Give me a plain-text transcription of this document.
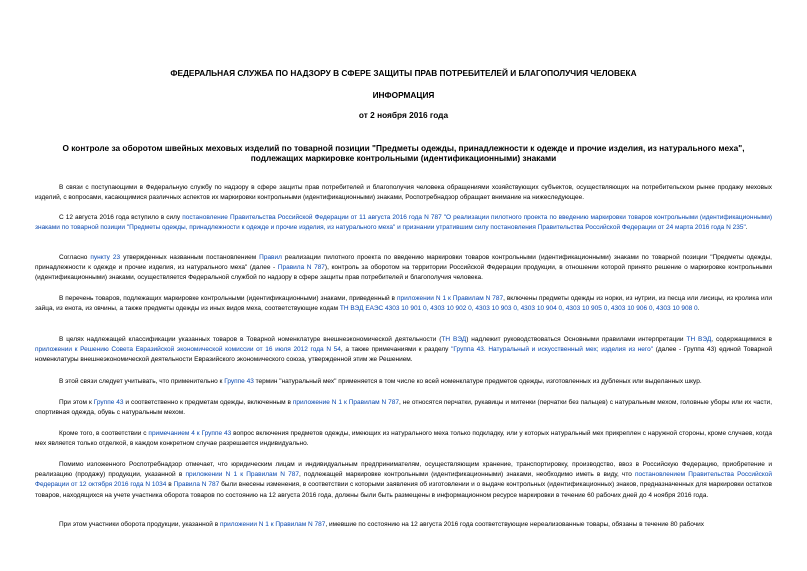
ФЕДЕРАЛЬНАЯ СЛУЖБА ПО НАДЗОРУ В СФЕРЕ ЗАЩИТЫ ПРАВ ПОТРЕБИТЕЛЕЙ И БЛАГОПОЛУЧИЯ ЧЕЛОВЕКА
ИНФОРМАЦИЯ
от 2 ноября 2016 года
О контроле за оборотом швейных меховых изделий по товарной позиции "Предметы одежды, принадлежности к одежде и прочие изделия, из натурального меха",
подлежащих маркировке контрольными (идентификационными) знаками

В связи с поступающими в Федеральную службу по надзору в сфере защиты прав потребителей и благополучия человека обращениями хозяйствующих субъектов, осуществляющих на потребительском рынке продажу меховых изделий, с вопросами, касающимися различных аспектов их маркировки контрольными (идентификационными) знаками, Роспотребнадзор обращает внимание на нижеследующее.

С 12 августа 2016 года вступило в силу постановление Правительства Российской Федерации от 11 августа 2016 года N 787 "О реализации пилотного проекта по введению маркировки товаров контрольными (идентификационными) знаками по товарной позиции "Предметы одежды, принадлежности к одежде и прочие изделия, из натурального меха" и признании утратившим силу постановления Правительства Российской Федерации от 24 марта 2016 года N 235".

Согласно пункту 23 утвержденных названным постановлением Правил реализации пилотного проекта по введению маркировки товаров контрольными (идентификационными) знаками по товарной позиции "Предметы одежды, принадлежности к одежде и прочие изделия, из натурального меха" (далее - Правила N 787), контроль за оборотом на территории Российской Федерации продукции, в отношении которой принято решение о маркировке контрольными (идентификационными) знаками, осуществляется Федеральной службой по надзору в сфере защиты прав потребителей и благополучия человека.

В перечень товаров, подлежащих маркировке контрольными (идентификационными) знаками, приведенный в приложении N 1 к Правилам N 787, включены предметы одежды из норки, из нутрии, из песца или лисицы, из кролика или зайца, из енота, из овчины, а также предметы одежды из иных видов меха, соответствующие кодам ТН ВЭД ЕАЭС 4303 10 901 0, 4303 10 902 0, 4303 10 903 0, 4303 10 904 0, 4303 10 905 0, 4303 10 906 0, 4303 10 908 0.

В целях надлежащей классификации указанных товаров в Товарной номенклатуре внешнеэкономической деятельности (ТН ВЭД) надлежит руководствоваться Основными правилами интерпретации ТН ВЭД, содержащимися в приложении к Решению Совета Евразийской экономической комиссии от 16 июля 2012 года N 54, а также примечаниями к разделу "Группа 43. Натуральный и искусственный мех; изделия из него" (далее - Группа 43) единой Товарной номенклатуры внешнеэкономической деятельности Евразийского экономического союза, утвержденной этим же Решением.

В этой связи следует учитывать, что применительно к Группе 43 термин "натуральный мех" применяется в том числе ко всей номенклатуре предметов одежды, изготовленных из дубленых или выделанных шкур.

При этом к Группе 43 и соответственно к предметам одежды, включенным в приложение N 1 к Правилам N 787, не относятся перчатки, рукавицы и митенки (перчатки без пальцев) с натуральным мехом, головные уборы или их части, спортивная одежда, обувь с натуральным мехом.

Кроме того, в соответствии с примечанием 4 к Группе 43 вопрос включения предметов одежды, имеющих из натурального меха только подкладку, или у которых натуральный мех прикреплен с наружной стороны, кроме случаев, когда мех является только отделкой, в каждом конкретном случае разрешается индивидуально.

Помимо изложенного Роспотребнадзор отмечает, что юридическим лицам и индивидуальным предпринимателям, осуществляющим хранение, транспортировку, производство, ввоз в Российскую Федерацию, приобретение и реализацию (продажу) продукции, указанной в приложении N 1 к Правилам N 787, подлежащей маркировке контрольными (идентификационными) знаками, необходимо иметь в виду, что постановлением Правительства Российской Федерации от 12 октября 2016 года N 1034 в Правила N 787 были внесены изменения, в соответствии с которыми заявления об изготовлении и о выдаче контрольных (идентификационных) знаков, предназначенных для маркировки остатков товаров, находящихся на учете участника оборота товаров по состоянию на 12 августа 2016 года, должны были быть размещены в информационном ресурсе маркировки в течение 60 рабочих дней до 4 ноября 2016 года.

При этом участники оборота продукции, указанной в приложении N 1 к Правилам N 787, имевшие по состоянию на 12 августа 2016 года соответствующие нереализованные товары, обязаны в течение 80 рабочих
